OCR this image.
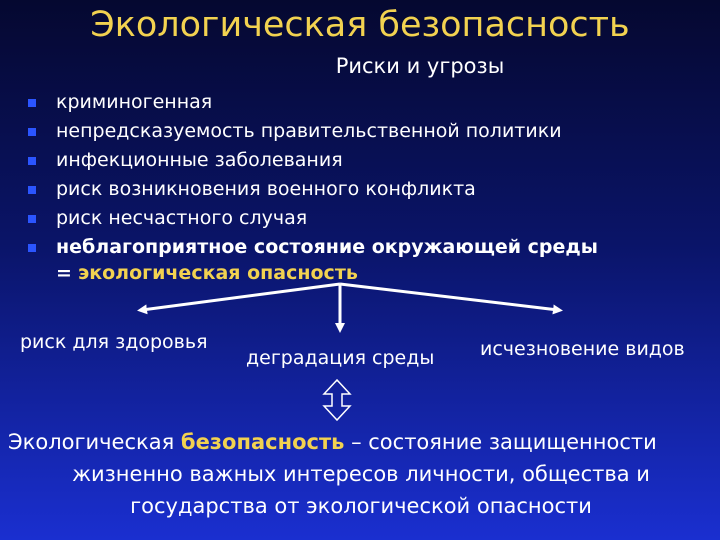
Экологическая безопасность
Риски и угрозы
криминогенная
непредсказуемость правительственной политики
инфекционные заболевания
риск возникновения военного конфликта
риск несчастного случая
неблагоприятное состояние окружающей среды
= экологическая опасность
риск для здоровья
деградация среды исчезновение видов
Экологическая безопасность – состояние защищенности
жизненно важных интересов личности, общества и
государства от экологической опасности
